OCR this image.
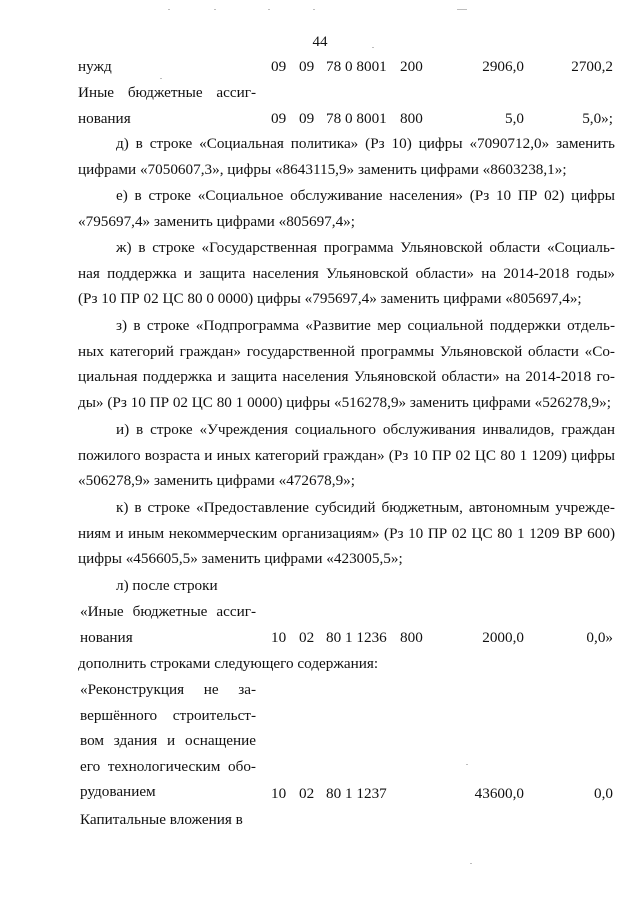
44
нужд	09 09 78 0 8001 200	2906,0	2700,2
Иные бюджетные ассиг-
нования	09 09 78 0 8001 800	5,0	5,0»;
д) в строке «Социальная политика» (Рз 10) цифры «7090712,0» заменить
цифрами «7050607,3», цифры «8643115,9» заменить цифрами «8603238,1»;
е) в строке «Социальное обслуживание населения» (Рз 10 ПР 02) цифры
«795697,4» заменить цифрами «805697,4»;
ж) в строке «Государственная программа Ульяновской области «Социаль-
ная поддержка и защита населения Ульяновской области» на 2014-2018 годы»
(Рз 10 ПР 02 ЦС 80 0 0000) цифры «795697,4» заменить цифрами «805697,4»;
з) в строке «Подпрограмма «Развитие мер социальной поддержки отдель-
ных категорий граждан» государственной программы Ульяновской области «Со-
циальная поддержка и защита населения Ульяновской области» на 2014-2018 го-
ды» (Рз 10 ПР 02 ЦС 80 1 0000) цифры «516278,9» заменить цифрами «526278,9»;
и) в строке «Учреждения социального обслуживания инвалидов, граждан
пожилого возраста и иных категорий граждан» (Рз 10 ПР 02 ЦС 80 1 1209) цифры
«506278,9» заменить цифрами «472678,9»;
к) в строке «Предоставление субсидий бюджетным, автономным учрежде-
ниям и иным некоммерческим организациям» (Рз 10 ПР 02 ЦС 80 1 1209 ВР 600)
цифры «456605,5» заменить цифрами «423005,5»;
л) после строки
«Иные бюджетные ассиг-
нования	10 02 80 1 1236 800	2000,0	0,0»
дополнить строками следующего содержания:
«Реконструкция не за-
вершённого строительст-
вом здания и оснащение
его технологическим обо-
рудованием	10 02 80 1 1237	43600,0	0,0
Капитальные вложения в
